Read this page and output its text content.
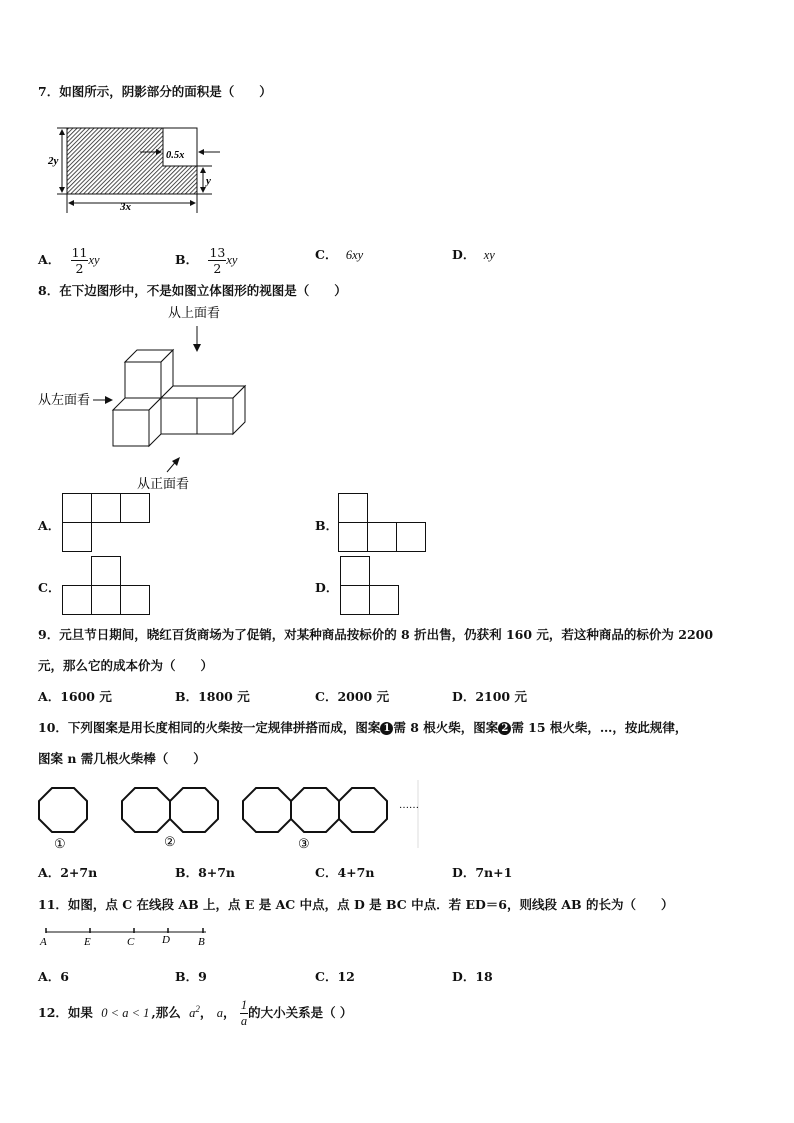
7．如图所示，阴影部分的面积是（　　）
2y	0.5x
y
3x
A． $\frac{11}{2}$ xy	B． $\frac{13}{2}$ xy	C． 6xy	D． xy
8．在下边图形中，不是如图立体图形的视图是（　　）
从上面看
从左面看
从正面看
A．	B．
C．	D．
9．元旦节日期间，晓红百货商场为了促销，对某种商品按标价的 8 折出售，仍获利 160 元，若这种商品的标价为 2200
元，那么它的成本价为（　　）
A．1600 元	B．1800 元	C．2000 元	D．2100 元
10．下列图案是用长度相同的火柴按一定规律拼搭而成，图案 1 需 8 根火柴，图案 2 需 15 根火柴，…，按此规律，
图案 n 需几根火柴棒（　　）
①	②	③
……
A．2+7n	B．8+7n	C．4+7n	D．7n+1
11．如图，点 C 在线段 AB 上，点 E 是 AC 中点，点 D 是 BC 中点．若 ED＝6，则线段 AB 的长为（　　）
A	E	C	D	B
A．6	B．9	C．12	D．18
12．如果 0 < a < 1 ,那么 $a^2$， a， $\frac{1}{a}$ 的大小关系是（ ）
